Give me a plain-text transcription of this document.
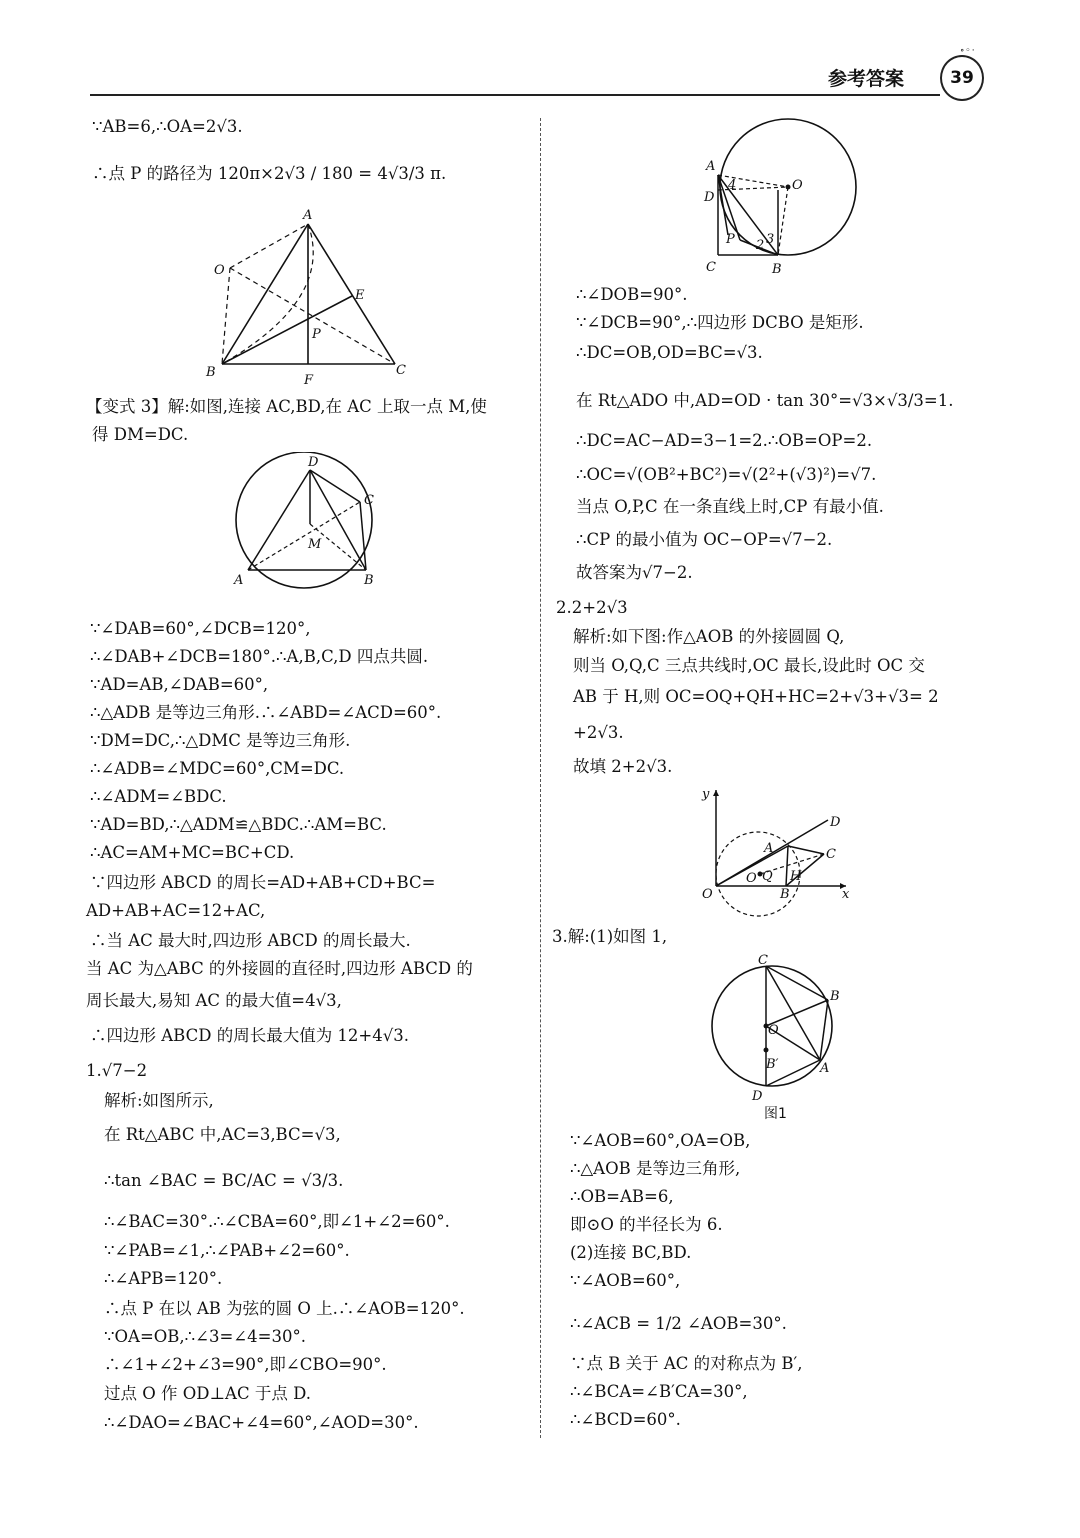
参考答案
∘◦·
39
∵AB=6,∴OA=2√3.
∴点 P 的路径为 120π×2√3 / 180 = 4√3/3 π.
【变式 3】解:如图,连接 AC,BD,在 AC 上取一点 M,使
得 DM=DC.
∵∠DAB=60°,∠DCB=120°,
∴∠DAB+∠DCB=180°.∴A,B,C,D 四点共圆.
∵AD=AB,∠DAB=60°,
∴△ADB 是等边三角形.∴∠ABD=∠ACD=60°.
∵DM=DC,∴△DMC 是等边三角形.
∴∠ADB=∠MDC=60°,CM=DC.
∴∠ADM=∠BDC.
∵AD=BD,∴△ADM≌△BDC.∴AM=BC.
∴AC=AM+MC=BC+CD.
∵四边形 ABCD 的周长=AD+AB+CD+BC=
AD+AB+AC=12+AC,
∴当 AC 最大时,四边形 ABCD 的周长最大.
当 AC 为△ABC 的外接圆的直径时,四边形 ABCD 的
周长最大,易知 AC 的最大值=4√3,
∴四边形 ABCD 的周长最大值为 12+4√3.
1.√7−2
解析:如图所示,
在 Rt△ABC 中,AC=3,BC=√3,
∴tan ∠BAC = BC/AC = √3/3.
∴∠BAC=30°.∴∠CBA=60°,即∠1+∠2=60°.
∵∠PAB=∠1,∴∠PAB+∠2=60°.
∴∠APB=120°.
∴点 P 在以 AB 为弦的圆 O 上.∴∠AOB=120°.
∵OA=OB,∴∠3=∠4=30°.
∴∠1+∠2+∠3=90°,即∠CBO=90°.
过点 O 作 OD⊥AC 于点 D.
∴∠DAO=∠BAC+∠4=60°,∠AOD=30°.
∴∠DOB=90°.
∵∠DCB=90°,∴四边形 DCBO 是矩形.
∴DC=OB,OD=BC=√3.
在 Rt△ADO 中,AD=OD · tan 30°=√3×√3/3=1.
∴DC=AC−AD=3−1=2.∴OB=OP=2.
∴OC=√(OB²+BC²)=√(2²+(√3)²)=√7.
当点 O,P,C 在一条直线上时,CP 有最小值.
∴CP 的最小值为 OC−OP=√7−2.
故答案为√7−2.
2.2+2√3
解析:如下图:作△AOB 的外接圆圆 Q,
则当 O,Q,C 三点共线时,OC 最长,设此时 OC 交
AB 于 H,则 OC=OQ+QH+HC=2+√3+√3= 2
+2√3.
故填 2+2√3.
3.解:(1)如图 1,
∵∠AOB=60°,OA=OB,
∴△AOB 是等边三角形,
∴OB=AB=6,
即⊙O 的半径长为 6.
(2)连接 BC,BD.
∵∠AOB=60°,
∴∠ACB = 1/2 ∠AOB=30°.
∵点 B 关于 AC 的对称点为 B′,
∴∠BCA=∠B′CA=30°,
∴∠BCD=60°.
A
O
E
P
B
F
C
D
C
M
A	B
A
O
D
4
P 2 3
C	B
y
D
A	C
O Q H
O	B	x
C
B
O
B′	A
D
图1
